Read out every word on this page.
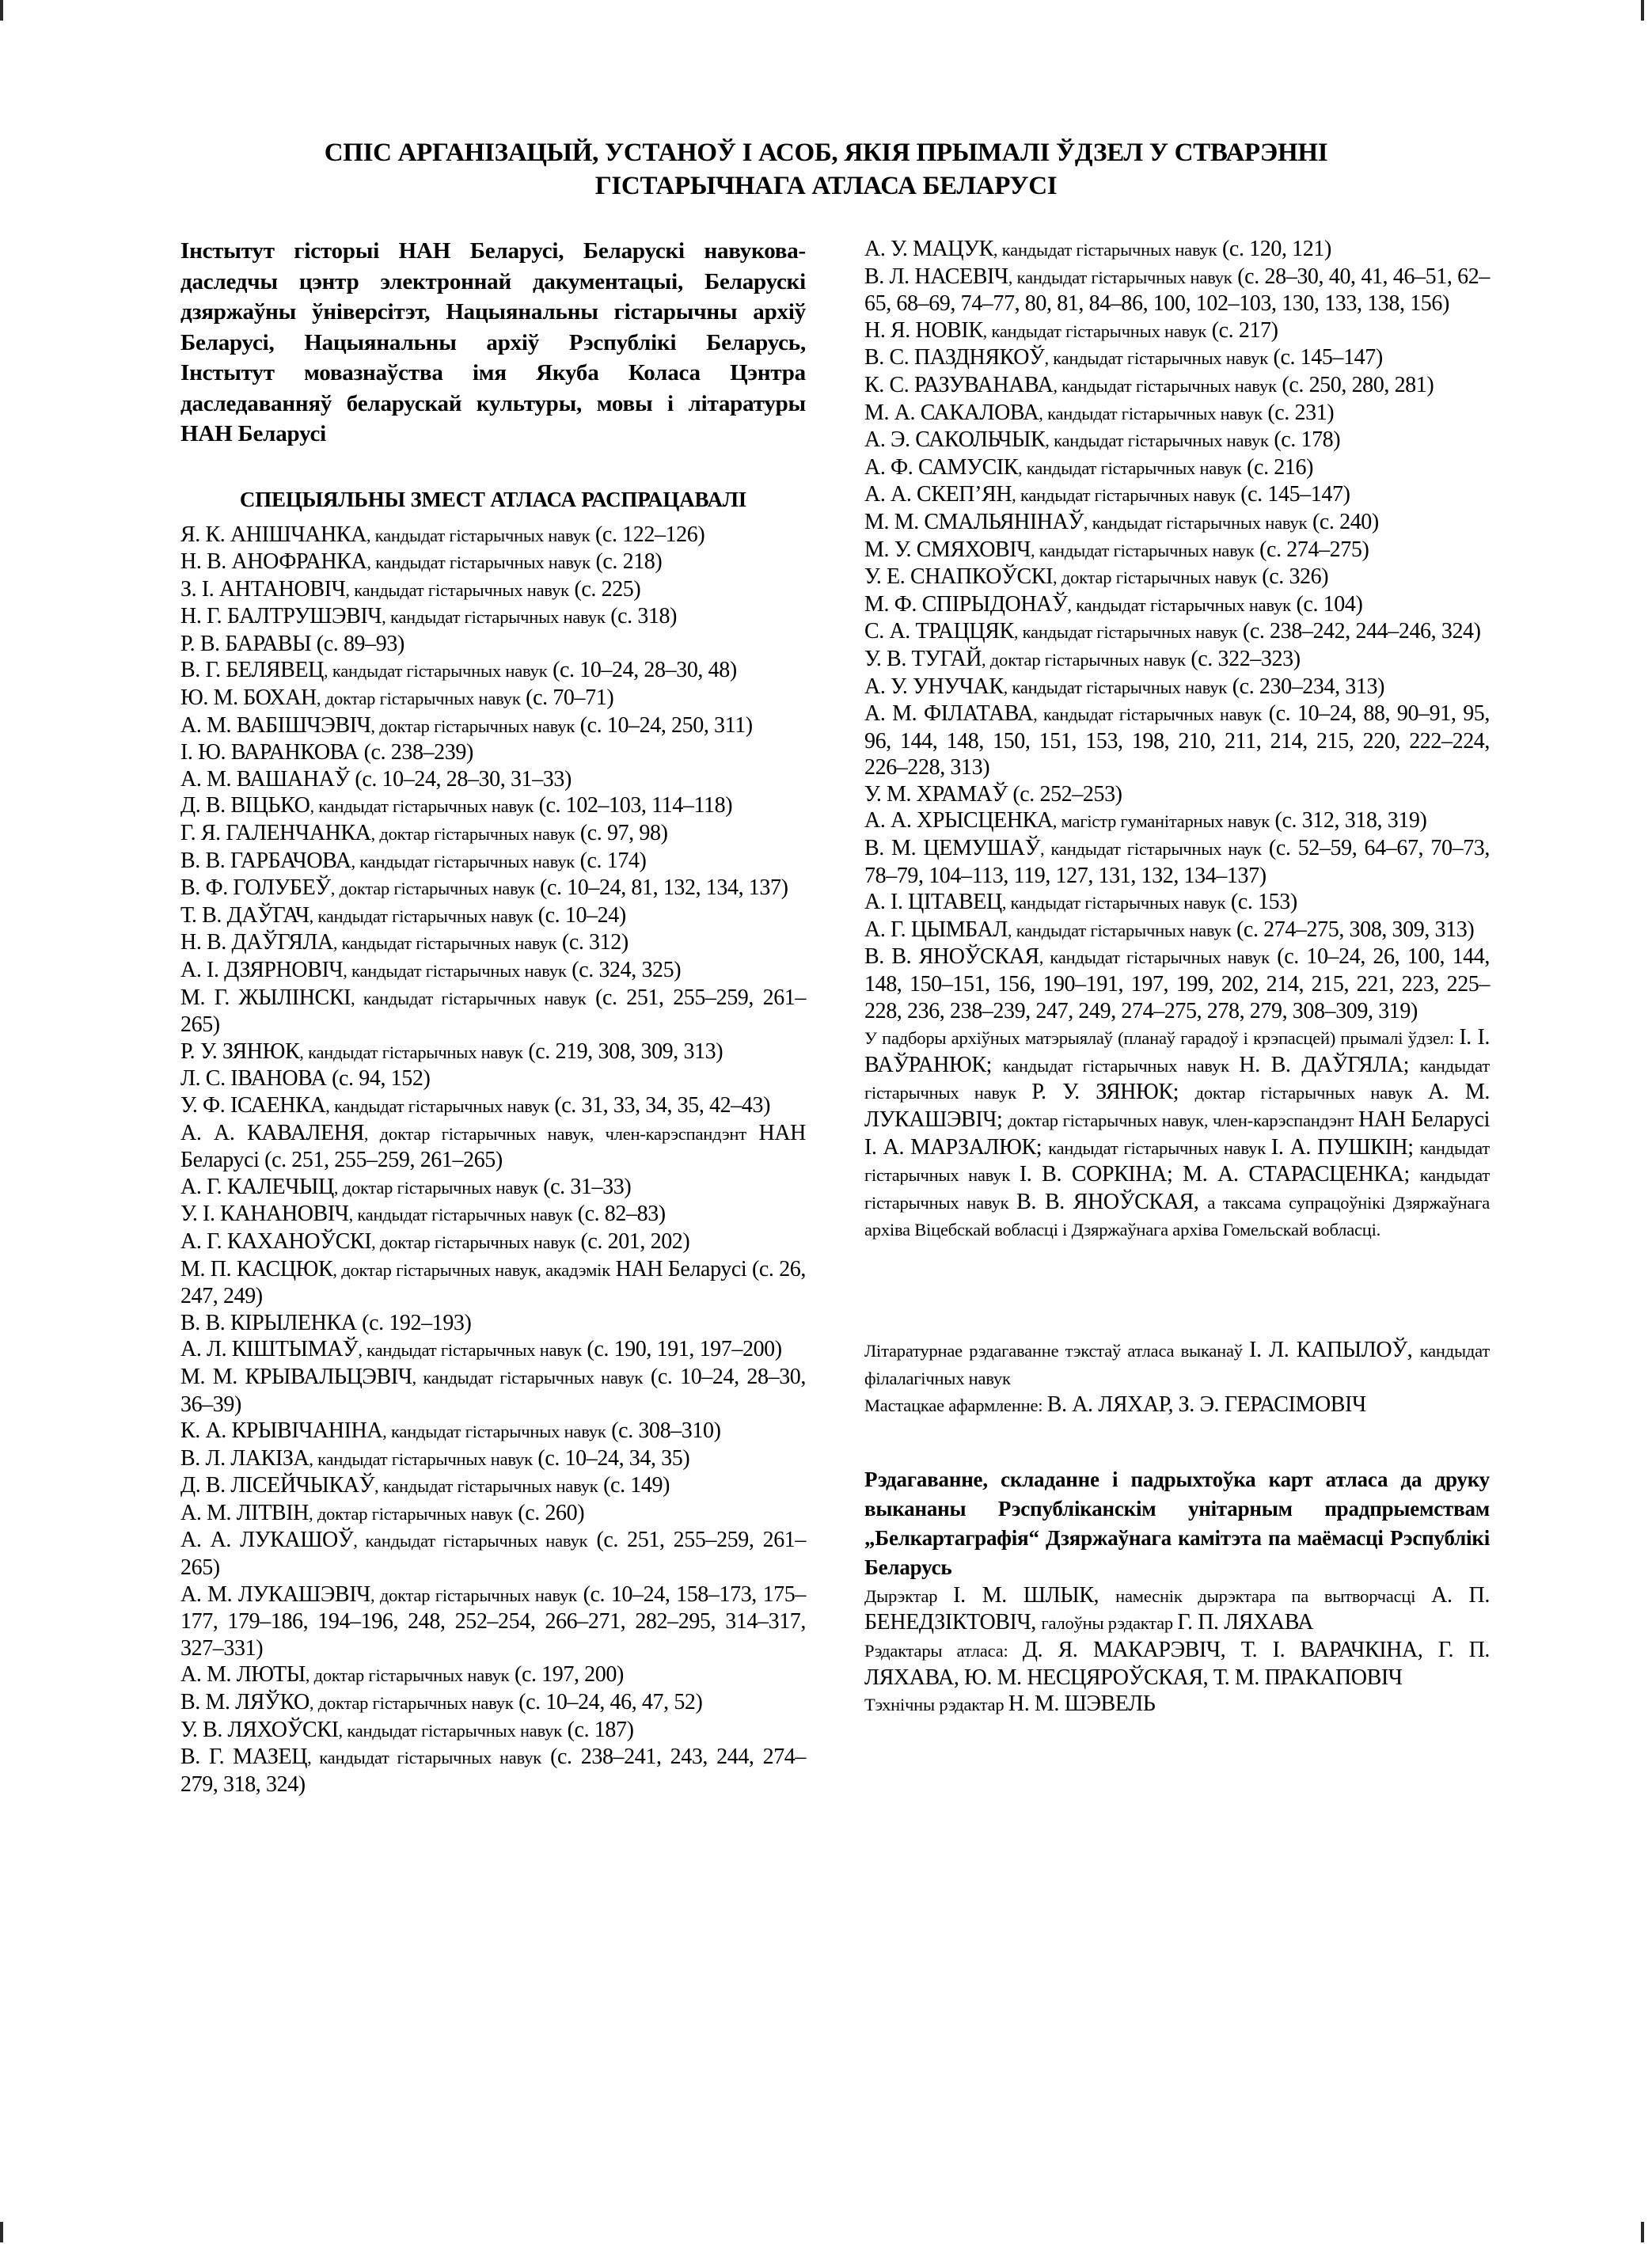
СПІС АРГАНІЗАЦЫЙ, УСТАНОЎ І АСОБ, ЯКІЯ ПРЫМАЛІ ЎДЗЕЛ У СТВАРЭННІ
ГІСТАРЫЧНАГА АТЛАСА БЕЛАРУСІ

Інстытут гісторыі НАН Беларусі, Беларускі навукова-даследчы цэнтр электроннай дакументацыі, Беларускі дзяржаўны ўніверсітэт, Нацыянальны гістарычны архіў Беларусі, Нацыянальны архіў Рэспублікі Беларусь, Інстытут мовазнаўства імя Якуба Коласа Цэнтра даследаванняў беларускай культуры, мовы і літаратуры НАН Беларусі

СПЕЦЫЯЛЬНЫ ЗМЕСТ АТЛАСА РАСПРАЦАВАЛІ

Я. К. АНІШЧАНКА, кандыдат гістарычных навук (с. 122–126)

Н. В. АНОФРАНКА, кандыдат гістарычных навук (с. 218)

З. І. АНТАНОВІЧ, кандыдат гістарычных навук (с. 225)

Н. Г. БАЛТРУШЭВІЧ, кандыдат гістарычных навук (с. 318)

Р. В. БАРАВЫ (с. 89–93)

В. Г. БЕЛЯВЕЦ, кандыдат гістарычных навук (с. 10–24, 28–30, 48)

Ю. М. БОХАН, доктар гістарычных навук (с. 70–71)

А. М. ВАБІШЧЭВІЧ, доктар гістарычных навук (с. 10–24, 250, 311)

І. Ю. ВАРАНКОВА (с. 238–239)

А. М. ВАШАНАЎ (с. 10–24, 28–30, 31–33)

Д. В. ВІЦЬКО, кандыдат гістарычных навук (с. 102–103, 114–118)

Г. Я. ГАЛЕНЧАНКА, доктар гістарычных навук (с. 97, 98)

В. В. ГАРБАЧОВА, кандыдат гістарычных навук (с. 174)

В. Ф. ГОЛУБЕЎ, доктар гістарычных навук (с. 10–24, 81, 132, 134, 137)

Т. В. ДАЎГАЧ, кандыдат гістарычных навук (с. 10–24)

Н. В. ДАЎГЯЛА, кандыдат гістарычных навук (с. 312)

А. І. ДЗЯРНОВІЧ, кандыдат гістарычных навук (с. 324, 325)

М. Г. ЖЫЛІНСКІ, кандыдат гістарычных навук (с. 251, 255–259, 261–265)

Р. У. ЗЯНЮК, кандыдат гістарычных навук (с. 219, 308, 309, 313)

Л. С. ІВАНОВА (с. 94, 152)

У. Ф. ІСАЕНКА, кандыдат гістарычных навук (с. 31, 33, 34, 35, 42–43)

А. А. КАВАЛЕНЯ, доктар гістарычных навук, член-карэспандэнт НАН Беларусі (с. 251, 255–259, 261–265)

А. Г. КАЛЕЧЫЦ, доктар гістарычных навук (с. 31–33)

У. І. КАНАНОВІЧ, кандыдат гістарычных навук (с. 82–83)

А. Г. КАХАНОЎСКІ, доктар гістарычных навук (с. 201, 202)

М. П. КАСЦЮК, доктар гістарычных навук, акадэмік НАН Беларусі (с. 26, 247, 249)

В. В. КІРЫЛЕНКА (с. 192–193)

А. Л. КІШТЫМАЎ, кандыдат гістарычных навук (с. 190, 191, 197–200)

М. М. КРЫВАЛЬЦЭВІЧ, кандыдат гістарычных навук (с. 10–24, 28–30, 36–39)

К. А. КРЫВІЧАНІНА, кандыдат гістарычных навук (с. 308–310)

В. Л. ЛАКІЗА, кандыдат гістарычных навук (с. 10–24, 34, 35)

Д. В. ЛІСЕЙЧЫКАЎ, кандыдат гістарычных навук (с. 149)

А. М. ЛІТВІН, доктар гістарычных навук (с. 260)

А. А. ЛУКАШОЎ, кандыдат гістарычных навук (с. 251, 255–259, 261–265)

А. М. ЛУКАШЭВІЧ, доктар гістарычных навук (с. 10–24, 158–173, 175–177, 179–186, 194–196, 248, 252–254, 266–271, 282–295, 314–317, 327–331)

А. М. ЛЮТЫ, доктар гістарычных навук (с. 197, 200)

В. М. ЛЯЎКО, доктар гістарычных навук (с. 10–24, 46, 47, 52)

У. В. ЛЯХОЎСКІ, кандыдат гістарычных навук (с. 187)

В. Г. МАЗЕЦ, кандыдат гістарычных навук (с. 238–241, 243, 244, 274–279, 318, 324)

А. У. МАЦУК, кандыдат гістарычных навук (с. 120, 121)

В. Л. НАСЕВІЧ, кандыдат гістарычных навук (с. 28–30, 40, 41, 46–51, 62–65, 68–69, 74–77, 80, 81, 84–86, 100, 102–103, 130, 133, 138, 156)

Н. Я. НОВІК, кандыдат гістарычных навук (с. 217)

В. С. ПАЗДНЯКОЎ, кандыдат гістарычных навук (с. 145–147)

К. С. РАЗУВАНАВА, кандыдат гістарычных навук (с. 250, 280, 281)

М. А. САКАЛОВА, кандыдат гістарычных навук (с. 231)

А. Э. САКОЛЬЧЫК, кандыдат гістарычных навук (с. 178)

А. Ф. САМУСІК, кандыдат гістарычных навук (с. 216)

А. А. СКЕП’ЯН, кандыдат гістарычных навук (с. 145–147)

М. М. СМАЛЬЯНІНАЎ, кандыдат гістарычных навук (с. 240)

М. У. СМЯХОВІЧ, кандыдат гістарычных навук (с. 274–275)

У. Е. СНАПКОЎСКІ, доктар гістарычных навук (с. 326)

М. Ф. СПІРЫДОНАЎ, кандыдат гістарычных навук (с. 104)

С. А. ТРАЦЦЯК, кандыдат гістарычных навук (с. 238–242, 244–246, 324)

У. В. ТУГАЙ, доктар гістарычных навук (с. 322–323)

А. У. УНУЧАК, кандыдат гістарычных навук (с. 230–234, 313)

А. М. ФІЛАТАВА, кандыдат гістарычных навук (с. 10–24, 88, 90–91, 95, 96, 144, 148, 150, 151, 153, 198, 210, 211, 214, 215, 220, 222–224, 226–228, 313)

У. М. ХРАМАЎ (с. 252–253)

А. А. ХРЫСЦЕНКА, магістр гуманітарных навук (с. 312, 318, 319)

В. М. ЦЕМУШАЎ, кандыдат гістарычных наук (с. 52–59, 64–67, 70–73, 78–79, 104–113, 119, 127, 131, 132, 134–137)

А. І. ЦІТАВЕЦ, кандыдат гістарычных навук (с. 153)

А. Г. ЦЫМБАЛ, кандыдат гістарычных навук (с. 274–275, 308, 309, 313)

В. В. ЯНОЎСКАЯ, кандыдат гістарычных навук (с. 10–24, 26, 100, 144, 148, 150–151, 156, 190–191, 197, 199, 202, 214, 215, 221, 223, 225–228, 236, 238–239, 247, 249, 274–275, 278, 279, 308–309, 319)

У падборы архіўных матэрыялаў (планаў гарадоў і крэпасцей) прымалі ўдзел: І. І. ВАЎРАНЮК; кандыдат гістарычных навук Н. В. ДАЎГЯЛА; кандыдат гістарычных навук Р. У. ЗЯНЮК; доктар гістарычных навук А. М. ЛУКАШЭВІЧ; доктар гістарычных навук, член-карэспандэнт НАН Беларусі І. А. МАРЗАЛЮК; кандыдат гістарычных навук І. А. ПУШКІН; кандыдат гістарычных навук І. В. СОРКІНА; М. А. СТАРАСЦЕНКА; кандыдат гістарычных навук В. В. ЯНОЎСКАЯ, а таксама супрацоўнікі Дзяржаўнага архіва Віцебскай вобласці і Дзяржаўнага архіва Гомельскай вобласці.

Літаратурнае рэдагаванне тэкстаў атласа выканаў І. Л. КАПЫЛОЎ, кандыдат філалагічных навук

Мастацкае афармленне: В. А. ЛЯХАР, З. Э. ГЕРАСІМОВІЧ

Рэдагаванне, складанне і падрыхтоўка карт атласа да друку выкананы Рэспубліканскім унітарным прадпрыемствам „Белкартаграфія“ Дзяржаўнага камітэта па маёмасці Рэспублікі Беларусь

Дырэктар І. М. ШЛЫК, намеснік дырэктара па вытворчасці А. П. БЕНЕДЗІКТОВІЧ, галоўны рэдактар Г. П. ЛЯХАВА

Рэдактары атласа: Д. Я. МАКАРЭВІЧ, Т. І. ВАРАЧКІНА, Г. П. ЛЯХАВА, Ю. М. НЕСЦЯРОЎСКАЯ, Т. М. ПРАКАПОВІЧ

Тэхнічны рэдактар Н. М. ШЭВЕЛЬ
